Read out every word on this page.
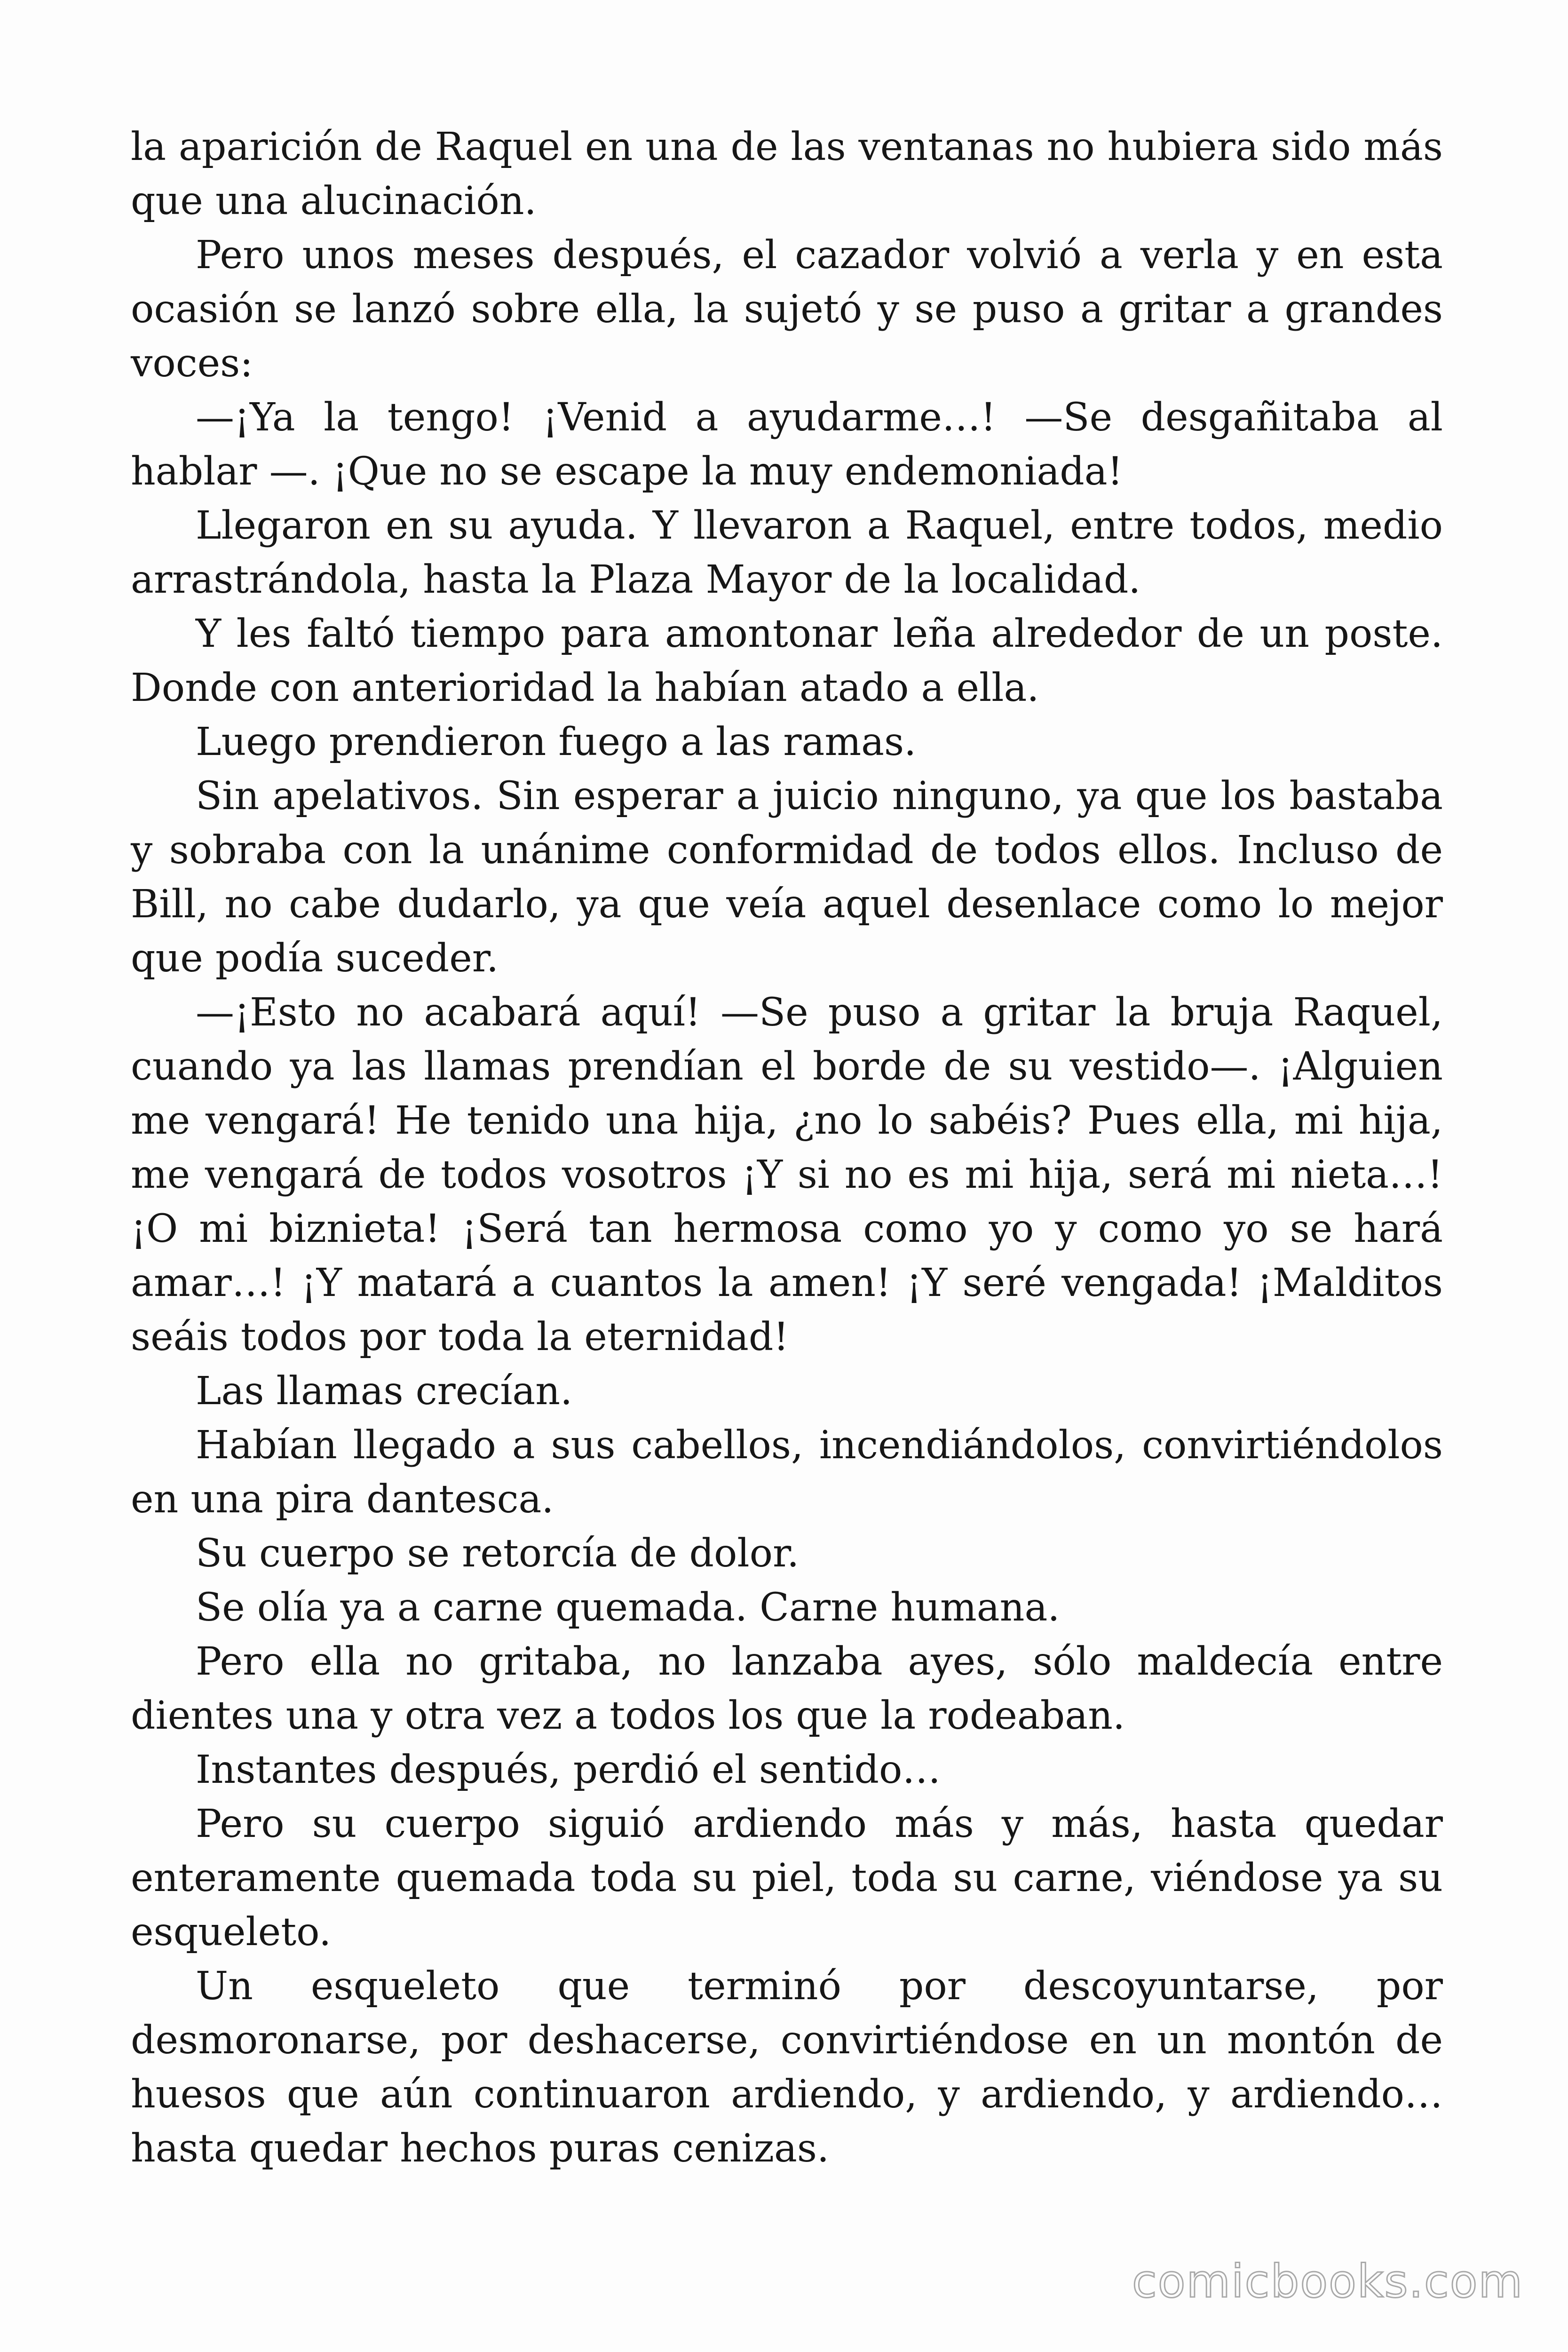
la aparición de Raquel en una de las ventanas no hubiera sido más que una alucinación.

Pero unos meses después, el cazador volvió a verla y en esta ocasión se lanzó sobre ella, la sujetó y se puso a gritar a grandes voces:

—¡Ya la tengo! ¡Venid a ayudarme…! —Se desgañitaba al hablar —. ¡Que no se escape la muy endemoniada!

Llegaron en su ayuda. Y llevaron a Raquel, entre todos, medio arrastrándola, hasta la Plaza Mayor de la localidad.

Y les faltó tiempo para amontonar leña alrededor de un poste. Donde con anterioridad la habían atado a ella.

Luego prendieron fuego a las ramas.

Sin apelativos. Sin esperar a juicio ninguno, ya que los bastaba y sobraba con la unánime conformidad de todos ellos. Incluso de Bill, no cabe dudarlo, ya que veía aquel desenlace como lo mejor que podía suceder.

—¡Esto no acabará aquí! —Se puso a gritar la bruja Raquel, cuando ya las llamas prendían el borde de su vestido—. ¡Alguien me vengará! He tenido una hija, ¿no lo sabéis? Pues ella, mi hija, me vengará de todos vosotros ¡Y si no es mi hija, será mi nieta…! ¡O mi biznieta! ¡Será tan hermosa como yo y como yo se hará amar…! ¡Y matará a cuantos la amen! ¡Y seré vengada! ¡Malditos seáis todos por toda la eternidad!

Las llamas crecían.

Habían llegado a sus cabellos, incendiándolos, convirtiéndolos en una pira dantesca.

Su cuerpo se retorcía de dolor.

Se olía ya a carne quemada. Carne humana.

Pero ella no gritaba, no lanzaba ayes, sólo maldecía entre dientes una y otra vez a todos los que la rodeaban.

Instantes después, perdió el sentido…

Pero su cuerpo siguió ardiendo más y más, hasta quedar enteramente quemada toda su piel, toda su carne, viéndose ya su esqueleto.

Un esqueleto que terminó por descoyuntarse, por desmoronarse, por deshacerse, convirtiéndose en un montón de huesos que aún continuaron ardiendo, y ardiendo, y ardiendo… hasta quedar hechos puras cenizas.

comicbooks.com
